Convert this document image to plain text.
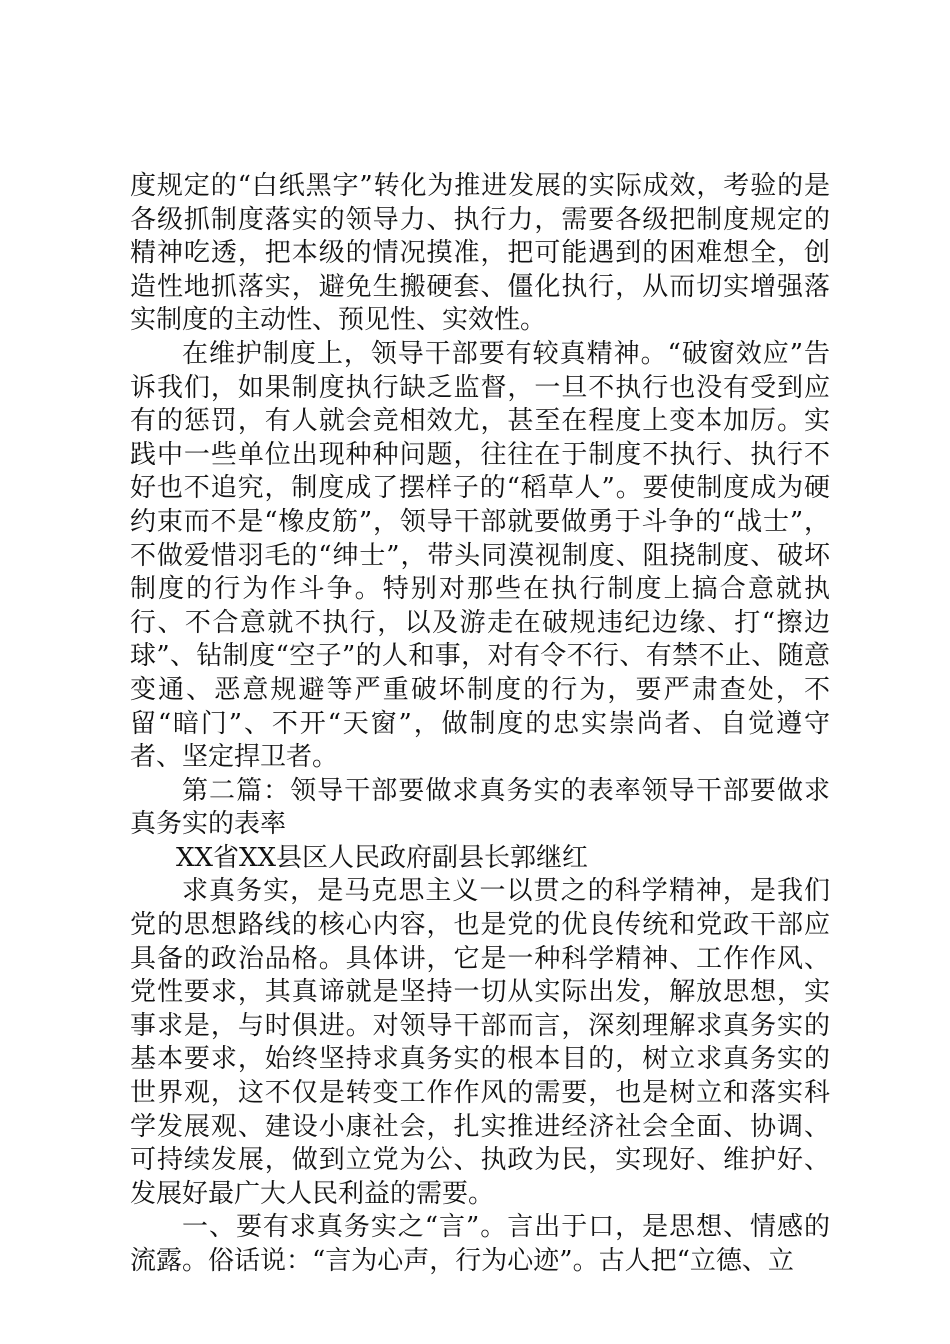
度规定的“白纸黑字”转化为推进发展的实际成效，考验的是各级抓制度落实的领导力、执行力，需要各级把制度规定的精神吃透，把本级的情况摸准，把可能遇到的困难想全，创造性地抓落实，避免生搬硬套、僵化执行，从而切实增强落实制度的主动性、预见性、实效性。

在维护制度上，领导干部要有较真精神。“破窗效应”告诉我们，如果制度执行缺乏监督，一旦不执行也没有受到应有的惩罚，有人就会竞相效尤，甚至在程度上变本加厉。实践中一些单位出现种种问题，往往在于制度不执行、执行不好也不追究，制度成了摆样子的“稻草人”。要使制度成为硬约束而不是“橡皮筋”，领导干部就要做勇于斗争的“战士”，不做爱惜羽毛的“绅士”，带头同漠视制度、阻挠制度、破坏制度的行为作斗争。特别对那些在执行制度上搞合意就执行、不合意就不执行，以及游走在破规违纪边缘、打“擦边球”、钻制度“空子”的人和事，对有令不行、有禁不止、随意变通、恶意规避等严重破坏制度的行为，要严肃查处，不留“暗门”、不开“天窗”，做制度的忠实崇尚者、自觉遵守者、坚定捍卫者。

第二篇：领导干部要做求真务实的表率领导干部要做求真务实的表率

XX省XX县区人民政府副县长郭继红

求真务实，是马克思主义一以贯之的科学精神，是我们党的思想路线的核心内容，也是党的优良传统和党政干部应具备的政治品格。具体讲，它是一种科学精神、工作作风、党性要求，其真谛就是坚持一切从实际出发，解放思想，实事求是，与时俱进。对领导干部而言，深刻理解求真务实的基本要求，始终坚持求真务实的根本目的，树立求真务实的世界观，这不仅是转变工作作风的需要，也是树立和落实科学发展观、建设小康社会，扎实推进经济社会全面、协调、可持续发展，做到立党为公、执政为民，实现好、维护好、发展好最广大人民利益的需要。

一、要有求真务实之“言”。言出于口，是思想、情感的流露。俗话说：“言为心声，行为心迹”。古人把“立德、立
